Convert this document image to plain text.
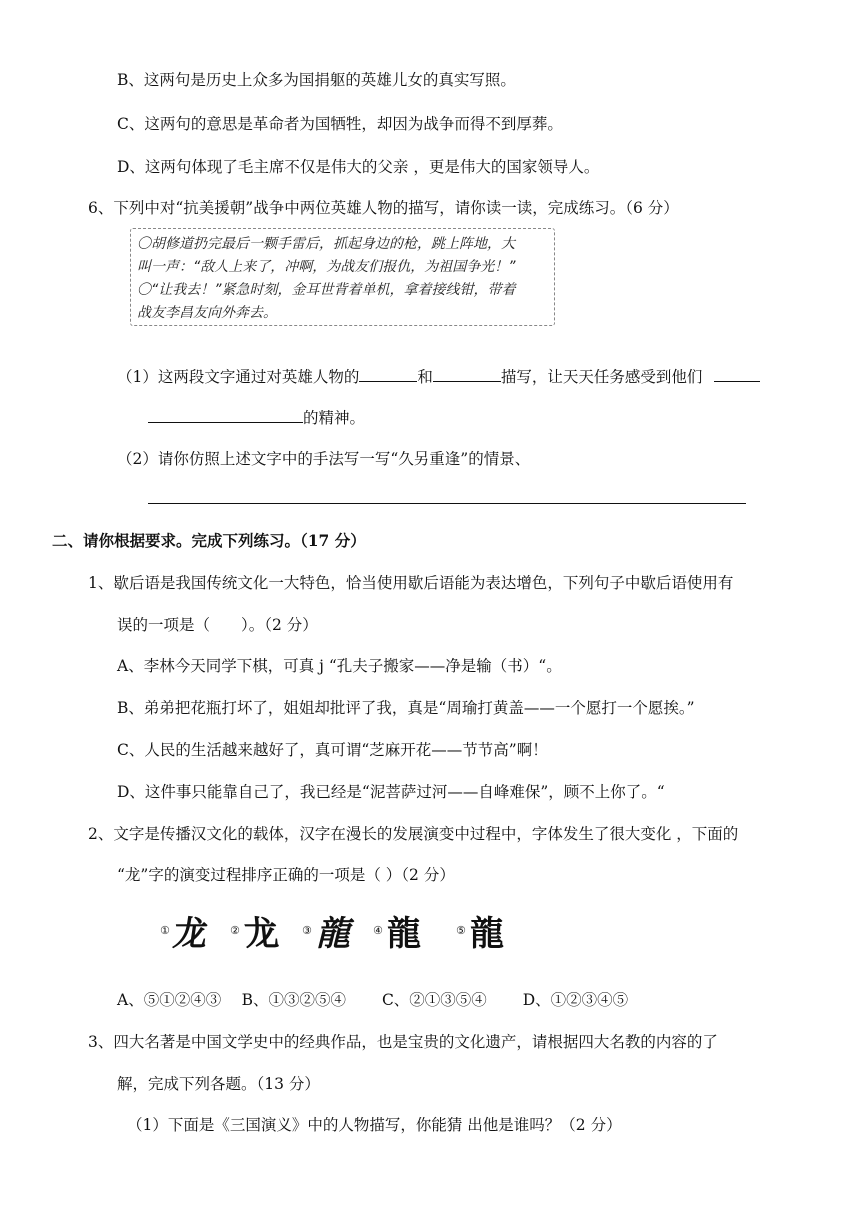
B、这两句是历史上众多为国捐躯的英雄儿女的真实写照。
C、这两句的意思是革命者为国牺牲，却因为战争而得不到厚葬。
D、这两句体现了毛主席不仅是伟大的父亲 ，更是伟大的国家领导人。
6、下列中对“抗美援朝”战争中两位英雄人物的描写，请你读一读，完成练习。（6 分）
〇胡修道扔完最后一颗手雷后，抓起身边的枪，跳上阵地，大
叫一声：“敌人上来了，冲啊，为战友们报仇，为祖国争光！”
〇“让我去！”紧急时刻，金耳世背着单机，拿着接线钳，带着
战友李昌友向外奔去。
（1）这两段文字通过对英雄人物的	和	描写，让天天任务感受到他们
的精神。
（2）请你仿照上述文字中的手法写一写“久另重逢”的情景、
二、请你根据要求。完成下列练习。（17 分）
1、歇后语是我国传统文化一大特色，恰当使用歇后语能为表达增色，下列句子中歇后语使用有
误的一项是（　　）。（2 分）
A、李林今天同学下棋，可真 j “孔夫子搬家——净是输（书）“。
B、弟弟把花瓶打坏了，姐姐却批评了我，真是“周瑜打黄盖——一个愿打一个愿挨。”
C、人民的生活越来越好了，真可谓“芝麻开花——节节高”啊！
D、这件事只能靠自己了，我已经是“泥菩萨过河——自峰难保”，顾不上你了。“
2、文字是传播汉文化的载体，汉字在漫长的发展演变中过程中，字体发生了很大变化 ，下面的
“龙”字的演变过程排序正确的一项是（ ）（2 分）
① 龙 ② 龙 ③ 龍 ④ 龍	⑤ 龍
A、⑤①②④③　 B、①③②⑤④　　 C、②①③⑤④　　 D、①②③④⑤
3、四大名著是中国文学史中的经典作品，也是宝贵的文化遗产，请根据四大名教的内容的了
解，完成下列各题。（13 分）
（1）下面是《三国演义》中的人物描写，你能猜 出他是谁吗？（2 分）
